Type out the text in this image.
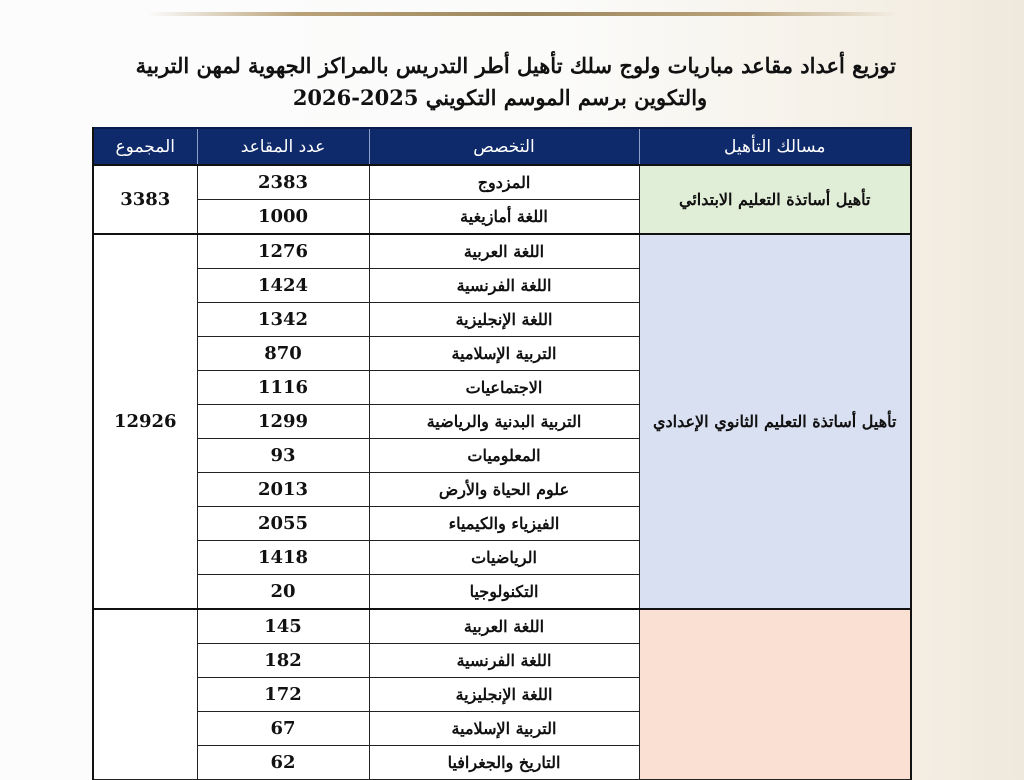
توزيع أعداد مقاعد مباريات ولوج سلك تأهيل أطر التدريس بالمراكز الجهوية لمهن التربية
والتكوين برسم الموسم التكويني 2025-2026
مسالك التأهيل	التخصص	عدد المقاعد	المجموع
تأهيل أساتذة التعليم الابتدائي	المزدوج	2383	3383
	اللغة أمازيغية	1000	
تأهيل أساتذة التعليم الثانوي الإعدادي	اللغة العربية	1276	12926
	اللغة الفرنسية	1424	
	اللغة الإنجليزية	1342	
	التربية الإسلامية	870	
	الاجتماعيات	1116	
	التربية البدنية والرياضية	1299	
	المعلوميات	93	
	علوم الحياة والأرض	2013	
	الفيزياء والكيمياء	2055	
	الرياضيات	1418	
	التكنولوجيا	20	
	اللغة العربية	145	
	اللغة الفرنسية	182	
	اللغة الإنجليزية	172	
	التربية الإسلامية	67	
	التاريخ والجغرافيا	62	
